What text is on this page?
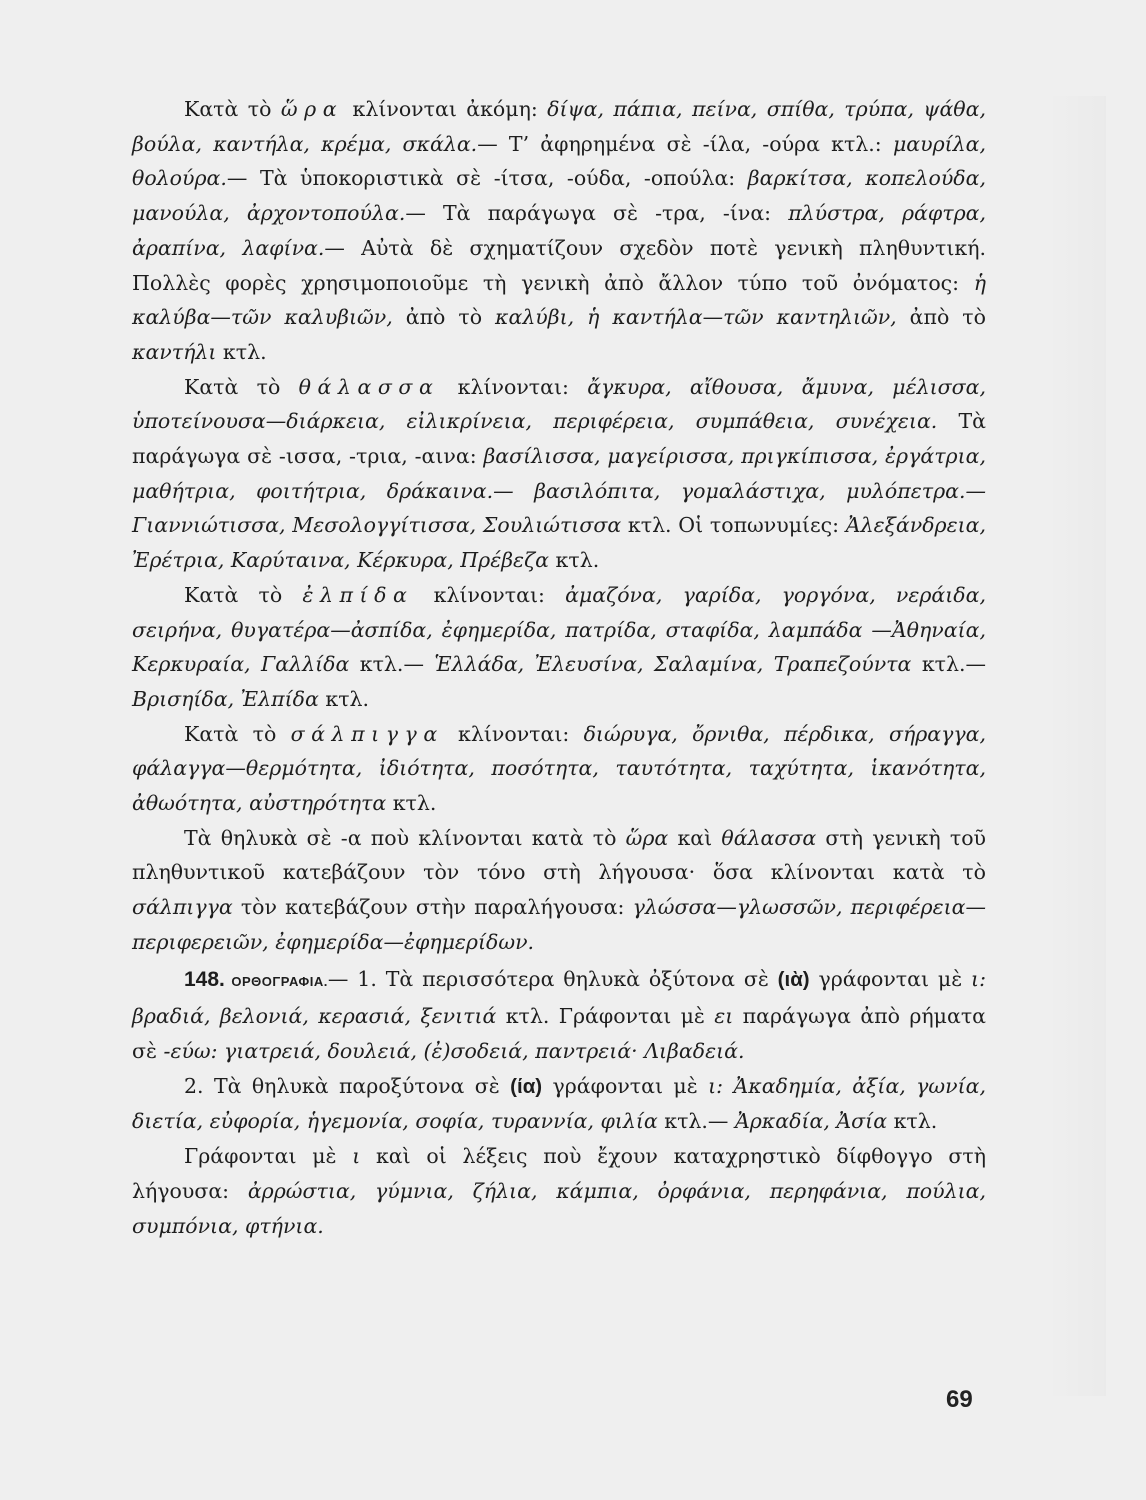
Κατὰ τὸ ὥρα κλίνονται ἀκόμη: δίψα, πάπια, πείνα, σπίθα, τρύπα, ψάθα, βούλα, καντήλα, κρέμα, σκάλα.— Τ’ ἀφηρημένα σὲ -ίλα, -ούρα κτλ.: μαυρίλα, θολούρα.— Τὰ ὑποκοριστικὰ σὲ -ίτσα, -ούδα, -οπούλα: βαρκίτσα, κοπελούδα, μανούλα, ἀρχοντοπούλα.— Τὰ παράγωγα σὲ -τρα, -ίνα: πλύστρα, ράφτρα, ἀραπίνα, λαφίνα.— Αὐτὰ δὲ σχηματίζουν σχεδὸν ποτὲ γενικὴ πληθυντική. Πολλὲς φορὲς χρησιμοποιοῦμε τὴ γενικὴ ἀπὸ ἄλλον τύπο τοῦ ὀνόματος: ἡ καλύβα—τῶν καλυβιῶν, ἀπὸ τὸ καλύβι, ἡ καντήλα—τῶν καντηλιῶν, ἀπὸ τὸ καντήλι κτλ.

Κατὰ τὸ θάλασσα κλίνονται: ἄγκυρα, αἴθουσα, ἄμυνα, μέλισσα, ὑποτείνουσα—διάρκεια, εἰλικρίνεια, περιφέρεια, συμπάθεια, συνέχεια. Τὰ παράγωγα σὲ -ισσα, -τρια, -αινα: βασίλισσα, μαγείρισσα, πριγκίπισσα, ἐργάτρια, μαθήτρια, φοιτήτρια, δράκαινα.— βασιλόπιτα, γομαλάστιχα, μυλόπετρα.—Γιαννιώτισσα, Μεσολογγίτισσα, Σουλιώτισσα κτλ. Οἱ τοπωνυμίες: Ἀλεξάνδρεια, Ἐρέτρια, Καρύταινα, Κέρκυρα, Πρέβεζα κτλ.

Κατὰ τὸ ἐλπίδα κλίνονται: ἀμαζόνα, γαρίδα, γοργόνα, νεράιδα, σειρήνα, θυγατέρα—ἀσπίδα, ἐφημερίδα, πατρίδα, σταφίδα, λαμπάδα —Ἀθηναία, Κερκυραία, Γαλλίδα κτλ.— Ἑλλάδα, Ἐλευσίνα, Σαλαμίνα, Τραπεζούντα κτλ.— Βρισηίδα, Ἐλπίδα κτλ.

Κατὰ τὸ σάλπιγγα κλίνονται: διώρυγα, ὄρνιθα, πέρδικα, σήραγγα, φάλαγγα—θερμότητα, ἰδιότητα, ποσότητα, ταυτότητα, ταχύτητα, ἱκανότητα, ἀθωότητα, αὐστηρότητα κτλ.

Τὰ θηλυκὰ σὲ -α ποὺ κλίνονται κατὰ τὸ ὥρα καὶ θάλασσα στὴ γενικὴ τοῦ πληθυντικοῦ κατεβάζουν τὸν τόνο στὴ λήγουσα· ὅσα κλίνονται κατὰ τὸ σάλπιγγα τὸν κατεβάζουν στὴν παραλήγουσα: γλώσσα—γλωσσῶν, περιφέρεια—περιφερειῶν, ἐφημερίδα—ἐφημερίδων.

148. ΟΡΘΟΓΡΑΦΙΑ.— 1. Τὰ περισσότερα θηλυκὰ ὀξύτονα σὲ (ιὰ) γράφονται μὲ ι: βραδιά, βελονιά, κερασιά, ξενιτιά κτλ. Γράφονται μὲ ει παράγωγα ἀπὸ ρήματα σὲ -εύω: γιατρειά, δουλειά, (ἐ)σοδειά, παντρειά· Λιβαδειά.

2. Τὰ θηλυκὰ παροξύτονα σὲ (ία) γράφονται μὲ ι: Ἀκαδημία, ἀξία, γωνία, διετία, εὐφορία, ἡγεμονία, σοφία, τυραννία, φιλία κτλ.— Ἀρκαδία, Ἀσία κτλ.

Γράφονται μὲ ι καὶ οἱ λέξεις ποὺ ἔχουν καταχρηστικὸ δίφθογγο στὴ λήγουσα: ἀρρώστια, γύμνια, ζήλια, κάμπια, ὀρφάνια, περηφάνια, πούλια, συμπόνια, φτήνια.

69
